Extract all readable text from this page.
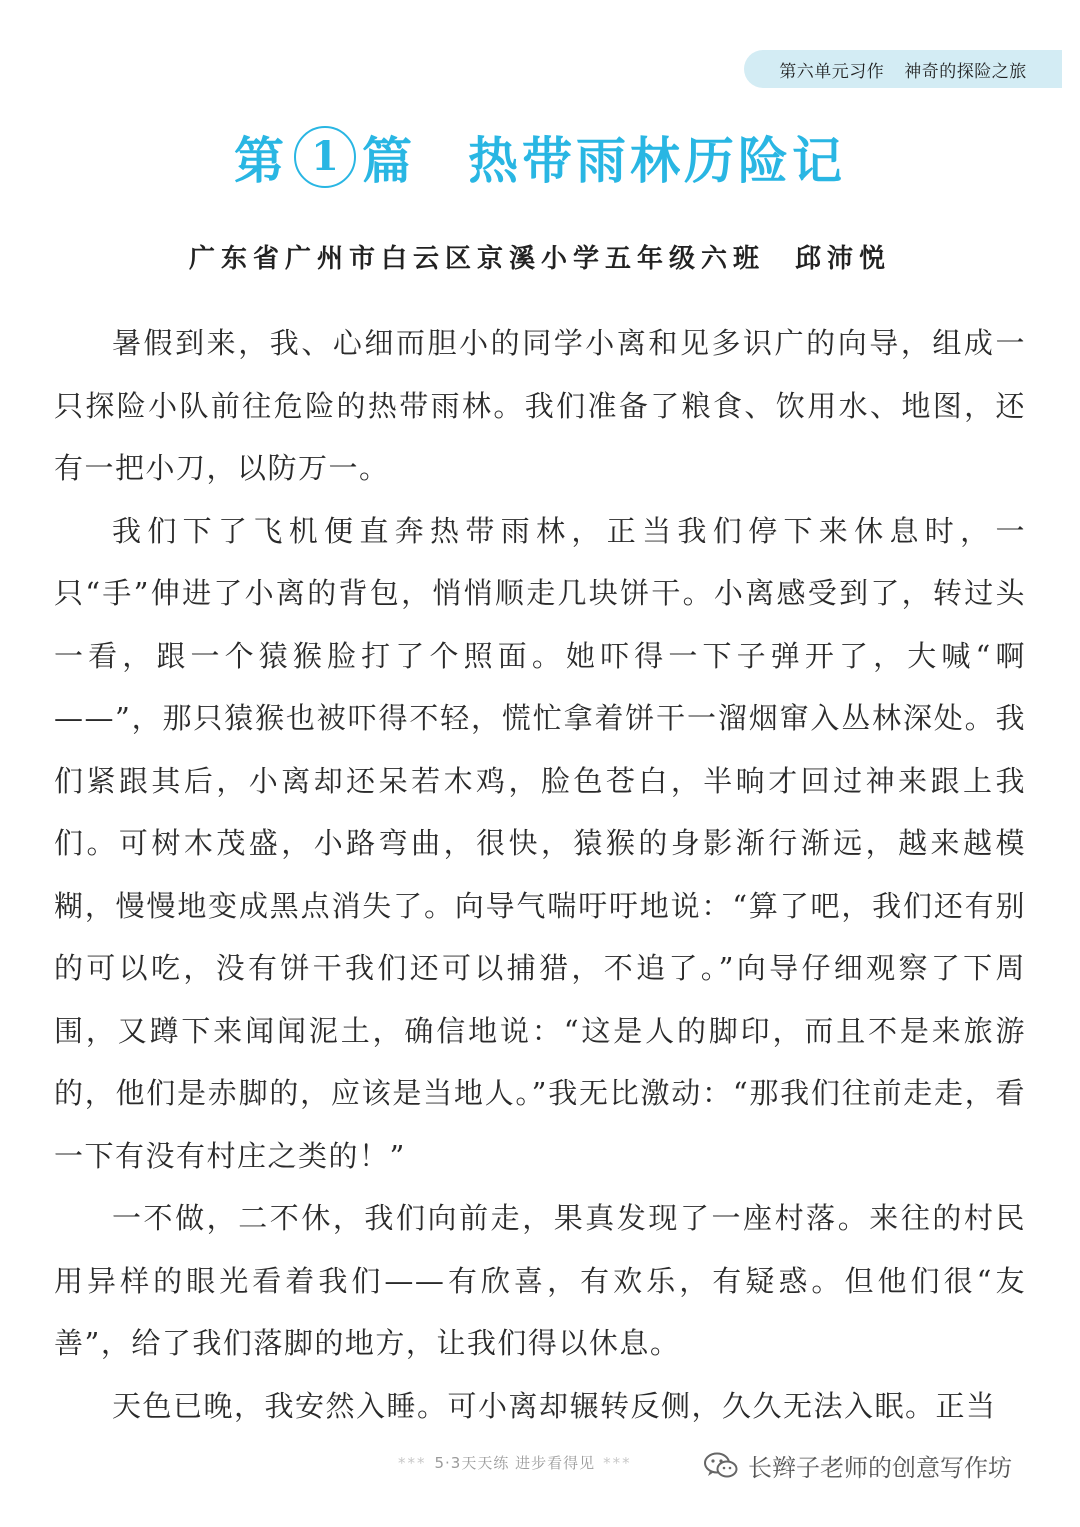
第六单元习作 神奇的探险之旅
第 1 篇 热带雨林历险记
广东省广州市白云区京溪小学五年级六班 邱沛悦

暑假到来，我、心细而胆小的同学小离和见多识广的向导，组成一只探险小队前往危险的热带雨林。我们准备了粮食、饮用水、地图，还有一把小刀，以防万一。

我们下了飞机便直奔热带雨林，正当我们停下来休息时，一只“手”伸进了小离的背包，悄悄顺走几块饼干。小离感受到了，转过头一看，跟一个猿猴脸打了个照面。她吓得一下子弹开了，大喊“啊——”，那只猿猴也被吓得不轻，慌忙拿着饼干一溜烟窜入丛林深处。我们紧跟其后，小离却还呆若木鸡，脸色苍白，半晌才回过神来跟上我们。可树木茂盛，小路弯曲，很快，猿猴的身影渐行渐远，越来越模糊，慢慢地变成黑点消失了。向导气喘吁吁地说：“算了吧，我们还有别的可以吃，没有饼干我们还可以捕猎，不追了。”向导仔细观察了下周围，又蹲下来闻闻泥土，确信地说：“这是人的脚印，而且不是来旅游的，他们是赤脚的，应该是当地人。”我无比激动：“那我们往前走走，看一下有没有村庄之类的！”

一不做，二不休，我们向前走，果真发现了一座村落。来往的村民用异样的眼光看着我们——有欣喜，有欢乐，有疑惑。但他们很“友善”，给了我们落脚的地方，让我们得以休息。

天色已晚，我安然入睡。可小离却辗转反侧，久久无法入眠。正当

*** 5·3天天练 进步看得见 ***	长辫子老师的创意写作坊
